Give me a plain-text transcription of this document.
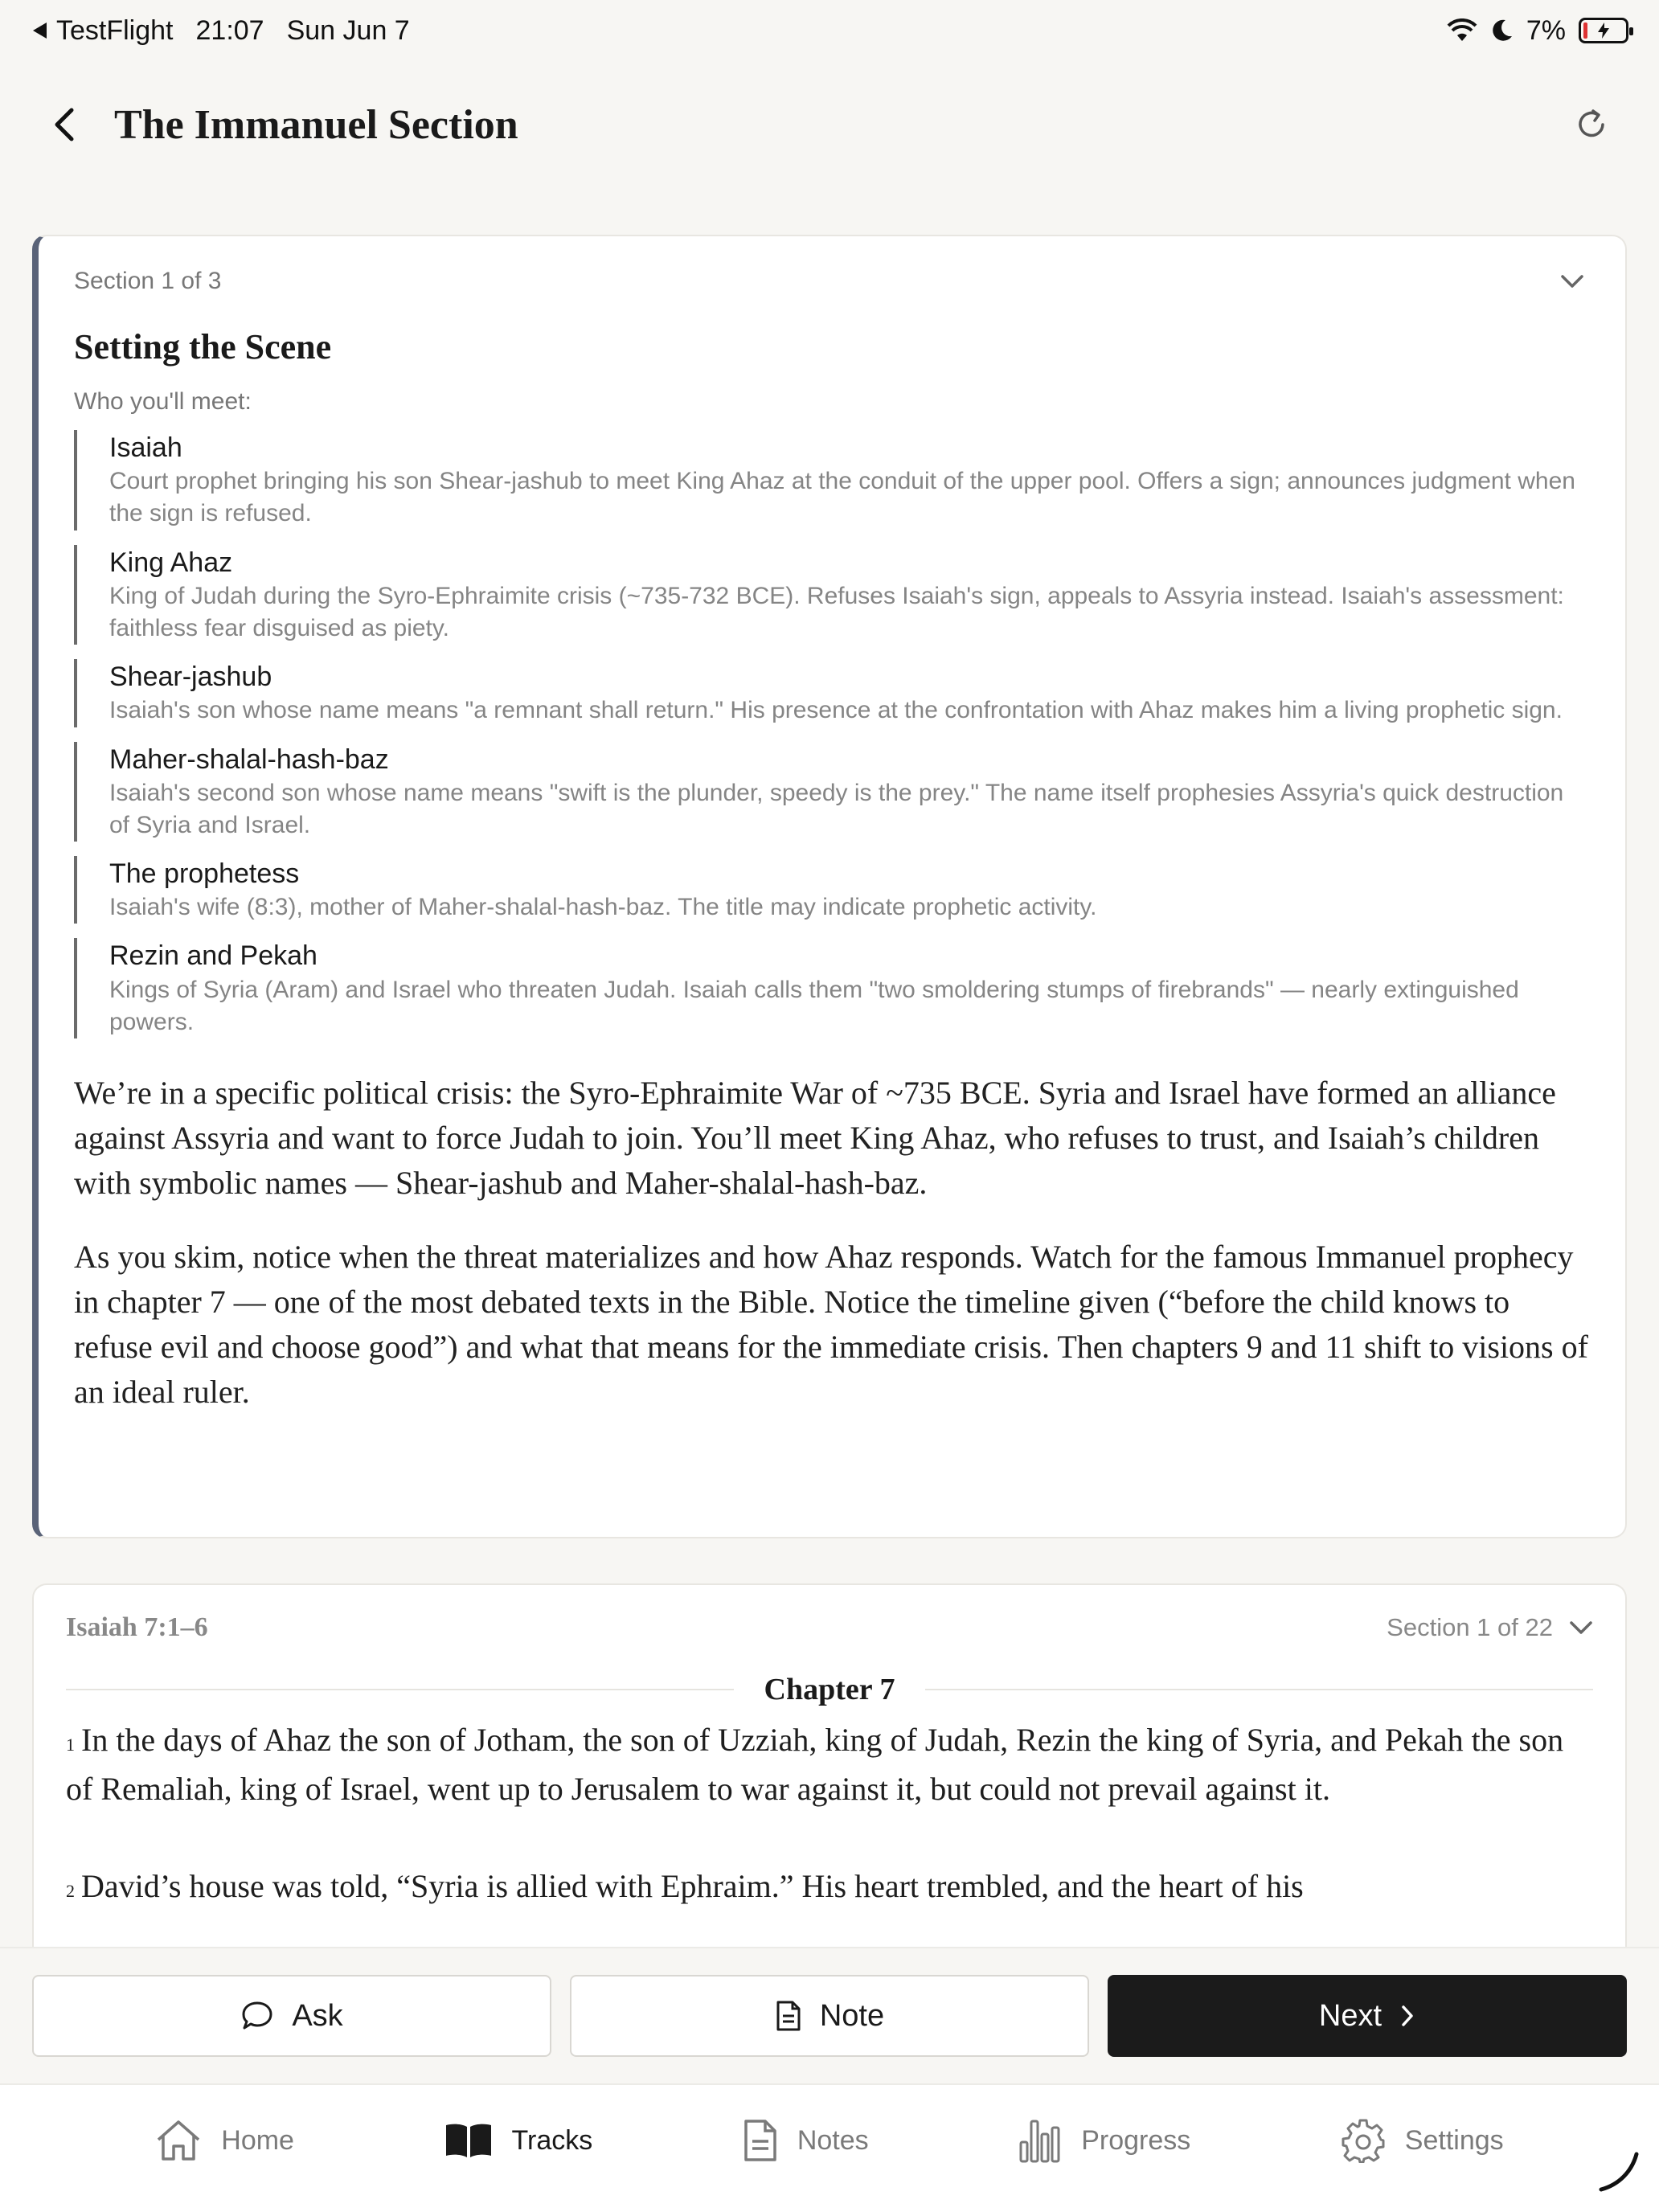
TestFlight 21:07 Sun Jun 7	7%
The Immanuel Section
Section 1 of 3
Setting the Scene
Who you'll meet:
Isaiah
Court prophet bringing his son Shear-jashub to meet King Ahaz at the conduit of the upper pool. Offers a sign; announces judgment when the sign is refused.
King Ahaz
King of Judah during the Syro-Ephraimite crisis (~735-732 BCE). Refuses Isaiah's sign, appeals to Assyria instead. Isaiah's assessment: faithless fear disguised as piety.
Shear-jashub
Isaiah's son whose name means "a remnant shall return." His presence at the confrontation with Ahaz makes him a living prophetic sign.
Maher-shalal-hash-baz
Isaiah's second son whose name means "swift is the plunder, speedy is the prey." The name itself prophesies Assyria's quick destruction of Syria and Israel.
The prophetess
Isaiah's wife (8:3), mother of Maher-shalal-hash-baz. The title may indicate prophetic activity.
Rezin and Pekah
Kings of Syria (Aram) and Israel who threaten Judah. Isaiah calls them "two smoldering stumps of firebrands" — nearly extinguished powers.

We’re in a specific political crisis: the Syro-Ephraimite War of ~735 BCE. Syria and Israel have formed an alliance against Assyria and want to force Judah to join. You’ll meet King Ahaz, who refuses to trust, and Isaiah’s children with symbolic names — Shear-jashub and Maher-shalal-hash-baz.

As you skim, notice when the threat materializes and how Ahaz responds. Watch for the famous Immanuel prophecy in chapter 7 — one of the most debated texts in the Bible. Notice the timeline given (“before the child knows to refuse evil and choose good”) and what that means for the immediate crisis. Then chapters 9 and 11 shift to visions of an ideal ruler.

Isaiah 7:1–6	Section 1 of 22
Chapter 7
$^1$ In the days of Ahaz the son of Jotham, the son of Uzziah, king of Judah, Rezin the king of Syria, and Pekah the son of Remaliah, king of Israel, went up to Jerusalem to war against it, but could not prevail against it.
$^2$ David’s house was told, “Syria is allied with Ephraim.” His heart trembled, and the heart of his
Ask	Note	Next
Home	Tracks	Notes	Progress	Settings
